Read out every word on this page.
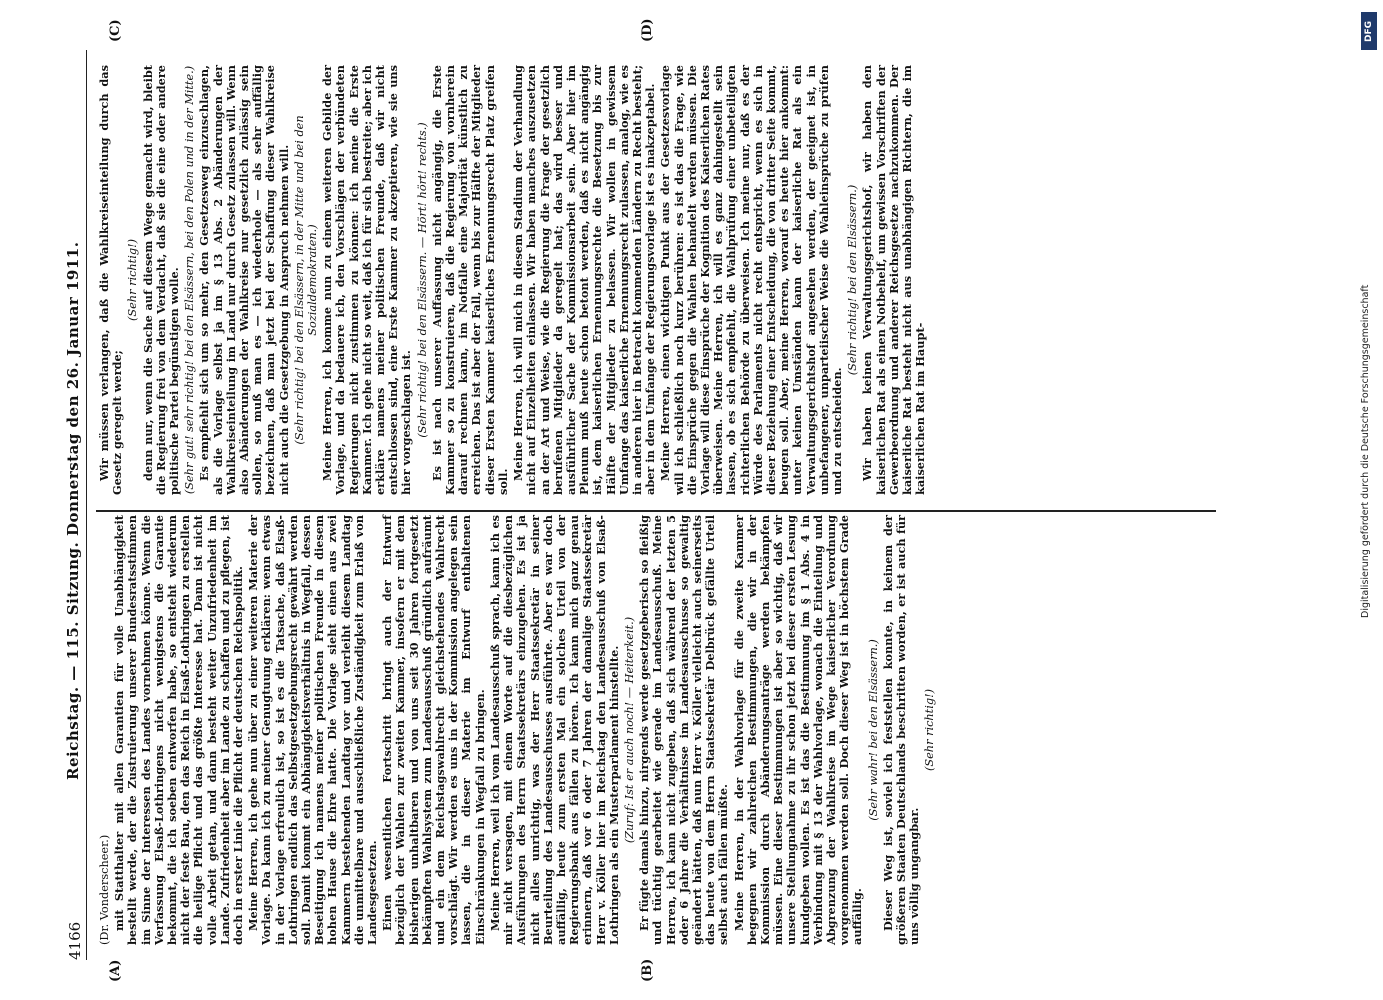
4166
Reichstag. — 115. Sitzung. Donnerstag den 26. Januar 1911.
(A)	(B)
(C)	(D)

(Dr. Vonderscheer.) mit Statthalter mit allen Garantien für volle Unabhängigkeit bestellt werde, der die Zustruierung unserer Bundesratsstimmen im Sinne der Interessen des Landes vornehmen könne. Wenn die Verfassung Elsaß-Lothringens nicht wenigstens die Garantie bekommt, die ich soeben entworfen habe, so entsteht wiederum nicht der feste Bau, den das Reich in Elsaß-Lothringen zu erstellen die heilige Pflicht und das größte Interesse hat. Dann ist nicht volle Arbeit getan, und dann besteht weiter Unzufriedenheit im Lande. Zufriedenheit aber im Lande zu schaffen und zu pflegen, ist doch in erster Linie die Pflicht der deutschen Reichspolitik. Meine Herren, ich gehe nun über zu einer weiteren Materie der Vorlage. Da kann ich zu meiner Genugtuung erklären: wenn etwas in der Vorlage erfreulich ist, so ist es die Tatsache, daß Elsaß-Lothringen endlich das Selbstgesetzgebungsrecht gewährt werden soll. Damit kommt ein Abhängigkeitsverhältnis in Wegfall, dessen Beseitigung ich namens meiner politischen Freunde in diesem hohen Hause die Ehre hatte. Die Vorlage sieht einen aus zwei Kammern bestehenden Landtag vor und verleiht diesem Landtag die unmittelbare und ausschließliche Zuständigkeit zum Erlaß von Landesgesetzen. Einen wesentlichen Fortschritt bringt auch der Entwurf bezüglich der Wahlen zur zweiten Kammer, insofern er mit dem bisherigen unhaltbaren und von uns seit 30 Jahren fortgesetzt bekämpften Wahlsystem zum Landesausschuß gründlich aufräumt und ein dem Reichstagswahlrecht gleichstehendes Wahlrecht vorschlägt. Wir werden es uns in der Kommission angelegen sein lassen, die in dieser Materie im Entwurf enthaltenen Einschränkungen in Wegfall zu bringen. Meine Herren, weil ich vom Landesausschuß sprach, kann ich es mir nicht versagen, mit einem Worte auf die diesbezüglichen Ausführungen des Herrn Staatssekretärs einzugehen. Es ist ja nicht alles unrichtig, was der Herr Staatssekretär in seiner Beurteilung des Landesausschusses ausführte. Aber es war doch auffällig, heute zum ersten Mal ein solches Urteil von der Regierungsbank aus fällen zu hören. Ich kann mich ganz genau erinnern, daß vor 6 oder 7 Jahren der damalige Staatssekretär Herr v. Köller hier im Reichstag den Landesausschuß von Elsaß-Lothringen als ein Musterparlament hinstellte. (Zuruf: Ist er auch noch! — Heiterkeit.) Er fügte damals hinzu, nirgends werde gesetzgeberisch so fleißig und tüchtig gearbeitet wie gerade im Landesausschuß. Meine Herren, ich kann nicht zugeben, daß sich während der letzten 5 oder 6 Jahre die Verhältnisse im Landesausschusse so gewaltig geändert hätten, daß nun Herr v. Köller vielleicht auch seinerseits das heute von dem Herrn Staatssekretär Delbrück gefällte Urteil selbst auch fällen müßte. Meine Herren, in der Wahlvorlage für die zweite Kammer begegnen wir zahlreichen Bestimmungen, die wir in der Kommission durch Abänderungsanträge werden bekämpfen müssen. Eine dieser Bestimmungen ist aber so wichtig, daß wir unsere Stellungnahme zu ihr schon jetzt bei dieser ersten Lesung kundgeben wollen. Es ist das die Bestimmung im § 1 Abs. 4 in Verbindung mit § 13 der Wahlvorlage, wonach die Einteilung und Abgrenzung der Wahlkreise im Wege kaiserlicher Verordnung vorgenommen werden soll. Doch dieser Weg ist in höchstem Grade auffällig.

(Sehr wahr! bei den Elsässern.) Dieser Weg ist, soviel ich feststellen konnte, in keinem der größeren Staaten Deutschlands beschritten worden, er ist auch für uns völlig ungangbar.

(Sehr richtig!)

Wir müssen verlangen, daß die Wahlkreiseinteilung durch das Gesetz geregelt werde;

(Sehr richtig!) denn nur, wenn die Sache auf diesem Wege gemacht wird, bleibt die Regierung frei von dem Verdacht, daß sie die eine oder andere politische Partei begünstigen wolle. (Sehr gut! sehr richtig! bei den Elsässern, bei den Polen und in der Mitte.) Es empfiehlt sich um so mehr, den Gesetzesweg einzuschlagen, als die Vorlage selbst ja im § 13 Abs. 2 Abänderungen der Wahlkreiseinteilung im Land nur durch Gesetz zulassen will. Wenn also Abänderungen der Wahlkreise nur gesetzlich zulässig sein sollen, so muß man es — ich wiederhole — als sehr auffällig bezeichnen, daß man jetzt bei der Schaffung dieser Wahlkreise nicht auch die Gesetzgebung in Anspruch nehmen will. (Sehr richtig! bei den Elsässern, in der Mitte und bei den Sozialdemokraten.) Meine Herren, ich komme nun zu einem weiteren Gebilde der Vorlage, und da bedauere ich, den Vorschlägen der verbündeten Regierungen nicht zustimmen zu können: ich meine die Erste Kammer. Ich gehe nicht so weit, daß ich für sich bestreite; aber ich erkläre namens meiner politischen Freunde, daß wir nicht entschlossen sind, eine Erste Kammer zu akzeptieren, wie sie uns hier vorgeschlagen ist. (Sehr richtig! bei den Elsässern. — Hört! hört! rechts.) Es ist nach unserer Auffassung nicht angängig, die Erste Kammer so zu konstruieren, daß die Regierung von vornherein darauf rechnen kann, im Notfalle eine Majorität künstlich zu erreichen. Das ist aber der Fall, wenn bis zur Hälfte der Mitglieder dieser Ersten Kammer kaiserliches Ernennungsrecht Platz greifen soll.

Meine Herren, ich will mich in diesem Stadium der Verhandlung nicht auf Einzelheiten einlassen. Wir haben manches auszusetzen an der Art und Weise, wie die Regierung die Frage der gesetzlich berufenen Mitglieder da geregelt hat; das wird besser und ausführlicher Sache der Kommissionsarbeit sein. Aber hier im Plenum muß heute schon betont werden, daß es nicht angängig ist, dem kaiserlichen Ernennungsrechte die Besetzung bis zur Hälfte der Mitglieder zu belassen. Wir wollen in gewissem Umfange das kaiserliche Ernennungsrecht zulassen, analog, wie es in anderen hier in Betracht kommenden Ländern zu Recht besteht; aber in dem Umfange der Regierungsvorlage ist es inakzeptabel. Meine Herren, einen wichtigen Punkt aus der Gesetzesvorlage will ich schließlich noch kurz berühren: es ist das die Frage, wie die Einsprüche gegen die Wahlen behandelt werden müssen. Die Vorlage will diese Einsprüche der Kognition des Kaiserlichen Rates überweisen. Meine Herren, ich will es ganz dahingestellt sein lassen, ob es sich empfiehlt, die Wahlprüfung einer unbeteiligten richterlichen Behörde zu überweisen. Ich meine nur, daß es der Würde des Parlaments nicht recht entspricht, wenn es sich in dieser Beziehung einer Entscheidung, die von dritter Seite kommt, beugen soll. Aber, meine Herren, worauf es heute hier ankommt: unter keinen Umständen kann der kaiserliche Rat als ein Verwaltungsgerichtshof angesehen werden, der geeignet ist, in unbefangener, unparteiischer Weise die Wahleinsprüche zu prüfen und zu entscheiden.

(Sehr richtig! bei den Elsässern.) Wir haben keinen Verwaltungsgerichtshof, wir haben den kaiserlichen Rat als einen Notbehelf, um gewissen Vorschriften der Gewerbeordnung und anderer Reichsgesetze nachzukommen. Der kaiserliche Rat besteht nicht aus unabhängigen Richtern, die im kaiserlichen Rat im Haupt-

DFG
Digitalisierung gefördert durch die Deutsche Forschungsgemeinschaft
